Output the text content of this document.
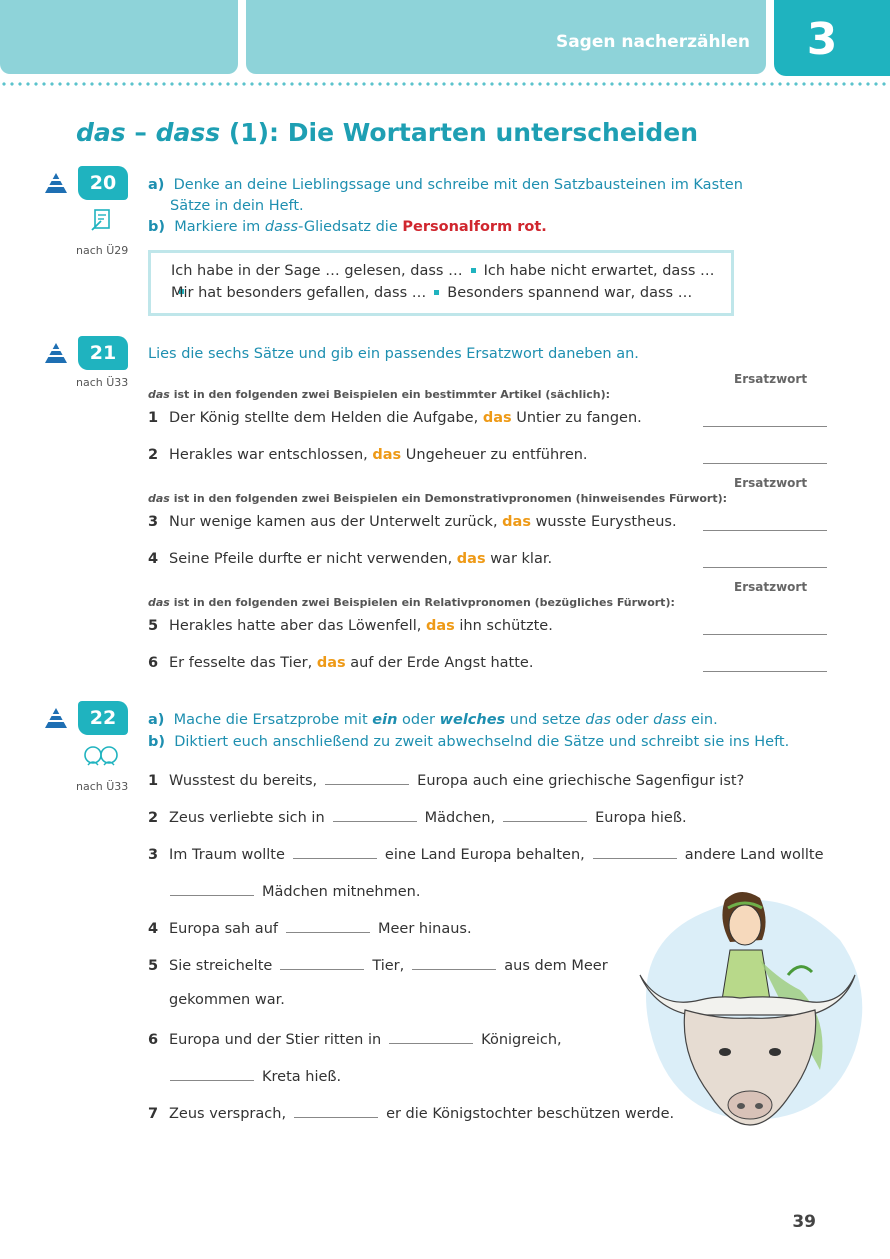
Sagen nacherzählen	3
das – dass (1): Die Wortarten unterscheiden
20
nach Ü29
a) Denke an deine Lieblingssage und schreibe mit den Satzbausteinen im Kasten
Sätze in dein Heft.
b) Markiere im dass-Gliedsatz die Personalform rot.

Ich habe in der Sage … gelesen, dass … Ich habe nicht erwartet, dass …

Mir hat besonders gefallen, dass … Besonders spannend war, dass …

21
nach Ü33
Lies die sechs Sätze und gib ein passendes Ersatzwort daneben an.
Ersatzwort
das ist in den folgenden zwei Beispielen ein bestimmter Artikel (sächlich):
1 Der König stellte dem Helden die Aufgabe, das Untier zu fangen.
2 Herakles war entschlossen, das Ungeheuer zu entführen.
Ersatzwort
das ist in den folgenden zwei Beispielen ein Demonstrativpronomen (hinweisendes Fürwort):
3 Nur wenige kamen aus der Unterwelt zurück, das wusste Eurystheus.
4 Seine Pfeile durfte er nicht verwenden, das war klar.
Ersatzwort
das ist in den folgenden zwei Beispielen ein Relativpronomen (bezügliches Fürwort):
5 Herakles hatte aber das Löwenfell, das ihn schützte.
6 Er fesselte das Tier, das auf der Erde Angst hatte.
22
nach Ü33
a) Mache die Ersatzprobe mit ein oder welches und setze das oder dass ein.
b) Diktiert euch anschließend zu zweit abwechselnd die Sätze und schreibt sie ins Heft.
1 Wusstest du bereits,	Europa auch eine griechische Sagenfigur ist?
2 Zeus verliebte sich in	Mädchen,	Europa hieß.
3 Im Traum wollte	eine Land Europa behalten,	andere Land wollte
Mädchen mitnehmen.
4 Europa sah auf	Meer hinaus.
5 Sie streichelte	Tier,	aus dem Meer
gekommen war.
6 Europa und der Stier ritten in	Königreich,
Kreta hieß.
7 Zeus versprach,	er die Königstochter beschützen werde.
39
